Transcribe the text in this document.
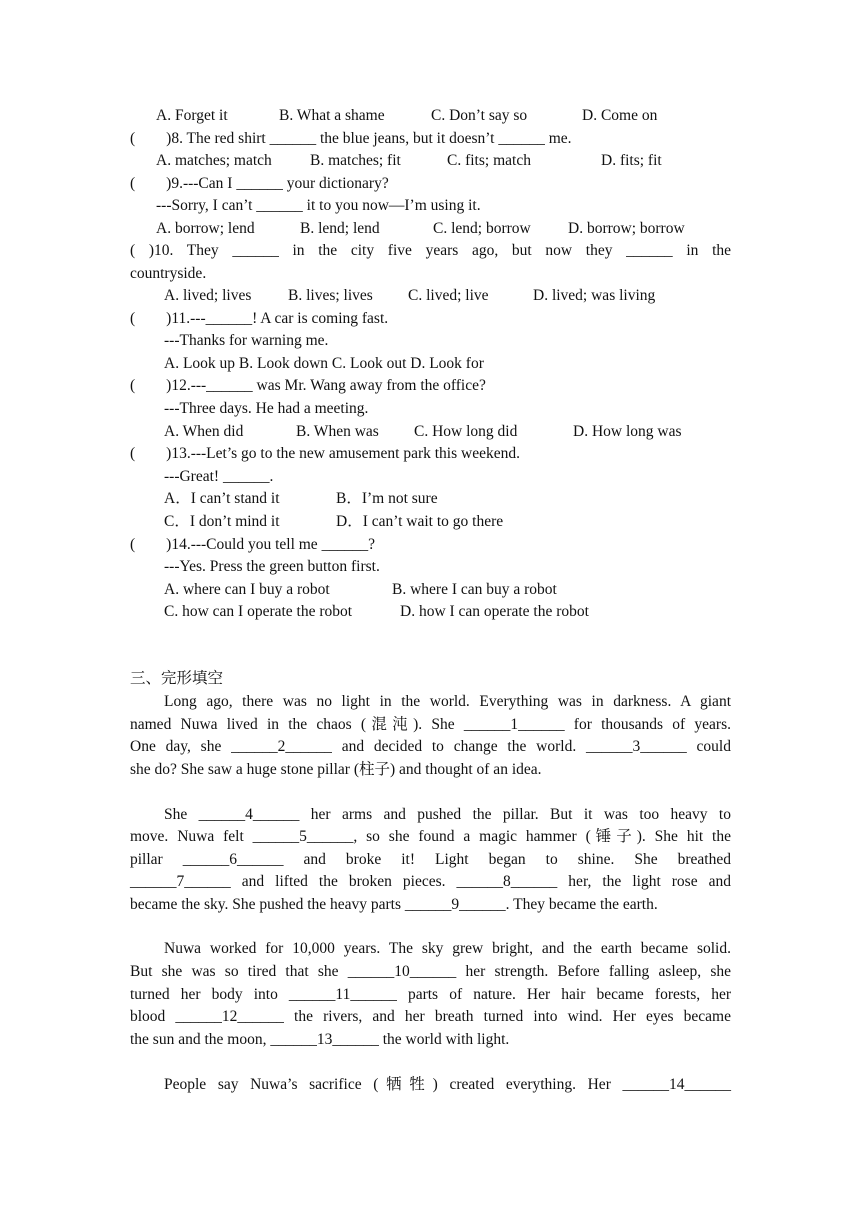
A. Forget it	B. What a shame	C. Don’t say so	D. Come on
(        )8. The red shirt ______ the blue jeans, but it doesn’t ______ me.
A. matches; match B. matches; fit	C. fits; match	D. fits; fit
(        )9.---Can I ______ your dictionary?
---Sorry, I can’t ______ it to you now—I’m using it.
A. borrow; lend	B. lend; lend	C. lend; borrow D. borrow; borrow
( )10. They ______ in the city five years ago, but now they ______ in the
countryside.
A. lived; lives B. lives; lives C. lived; live	D. lived; was living
(        )11.---______! A car is coming fast.
---Thanks for warning me.
A. Look up B. Look down C. Look out D. Look for
(        )12.---______ was Mr. Wang away from the office?
---Three days. He had a meeting.
A. When did	B. When was C. How long did	D. How long was
(        )13.---Let’s go to the new amusement park this weekend.
---Great! ______.
A．I can’t stand it	B．I’m not sure
C．I don’t mind it	D．I can’t wait to go there
(        )14.---Could you tell me ______?
---Yes. Press the green button first.
A. where can I buy a robot	B. where I can buy a robot
C. how can I operate the robot	D. how I can operate the robot
三、完形填空
Long ago, there was no light in the world. Everything was in darkness. A giant
named Nuwa lived in the chaos (混沌). She ______1______ for thousands of years.
One day, she ______2______ and decided to change the world. ______3______ could
she do? She saw a huge stone pillar (柱子) and thought of an idea.
She ______4______ her arms and pushed the pillar. But it was too heavy to
move. Nuwa felt ______5______, so she found a magic hammer (锤子). She hit the
pillar ______6______ and broke it! Light began to shine. She breathed
______7______ and lifted the broken pieces. ______8______ her, the light rose and
became the sky. She pushed the heavy parts ______9______. They became the earth.
Nuwa worked for 10,000 years. The sky grew bright, and the earth became solid.
But she was so tired that she ______10______ her strength. Before falling asleep, she
turned her body into ______11______ parts of nature. Her hair became forests, her
blood ______12______ the rivers, and her breath turned into wind. Her eyes became
the sun and the moon, ______13______ the world with light.
People say Nuwa’s sacrifice (牺牲) created everything. Her ______14______
